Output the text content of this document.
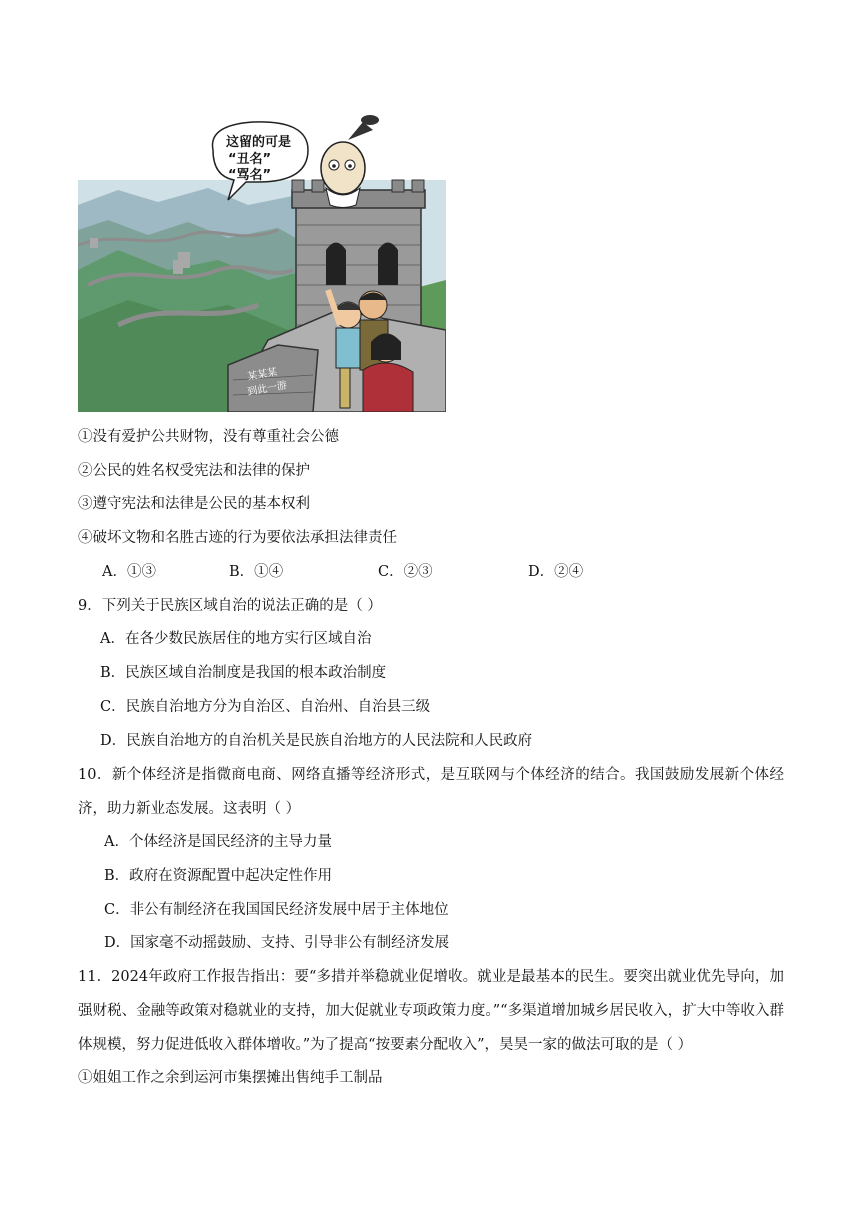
这留的可是
“丑名”
“骂名”
某某某
到此一游
①没有爱护公共财物，没有尊重社会公德
②公民的姓名权受宪法和法律的保护
③遵守宪法和法律是公民的基本权利
④破坏文物和名胜古迹的行为要依法承担法律责任
A．①③	B．①④	C．②③	D．②④
9．下列关于民族区域自治的说法正确的是（ ）
A．在各少数民族居住的地方实行区域自治
B．民族区域自治制度是我国的根本政治制度
C．民族自治地方分为自治区、自治州、自治县三级
D．民族自治地方的自治机关是民族自治地方的人民法院和人民政府
10．新个体经济是指微商电商、网络直播等经济形式，是互联网与个体经济的结合。我国鼓励发展新个体经济，助力新业态发展。这表明（ ）
A．个体经济是国民经济的主导力量
B．政府在资源配置中起决定性作用
C．非公有制经济在我国国民经济发展中居于主体地位
D．国家毫不动摇鼓励、支持、引导非公有制经济发展
11．2024年政府工作报告指出：要“多措并举稳就业促增收。就业是最基本的民生。要突出就业优先导向，加强财税、金融等政策对稳就业的支持，加大促就业专项政策力度。”“多渠道增加城乡居民收入，扩大中等收入群体规模，努力促进低收入群体增收。”为了提高“按要素分配收入”，昊昊一家的做法可取的是（ ）
①姐姐工作之余到运河市集摆摊出售纯手工制品
